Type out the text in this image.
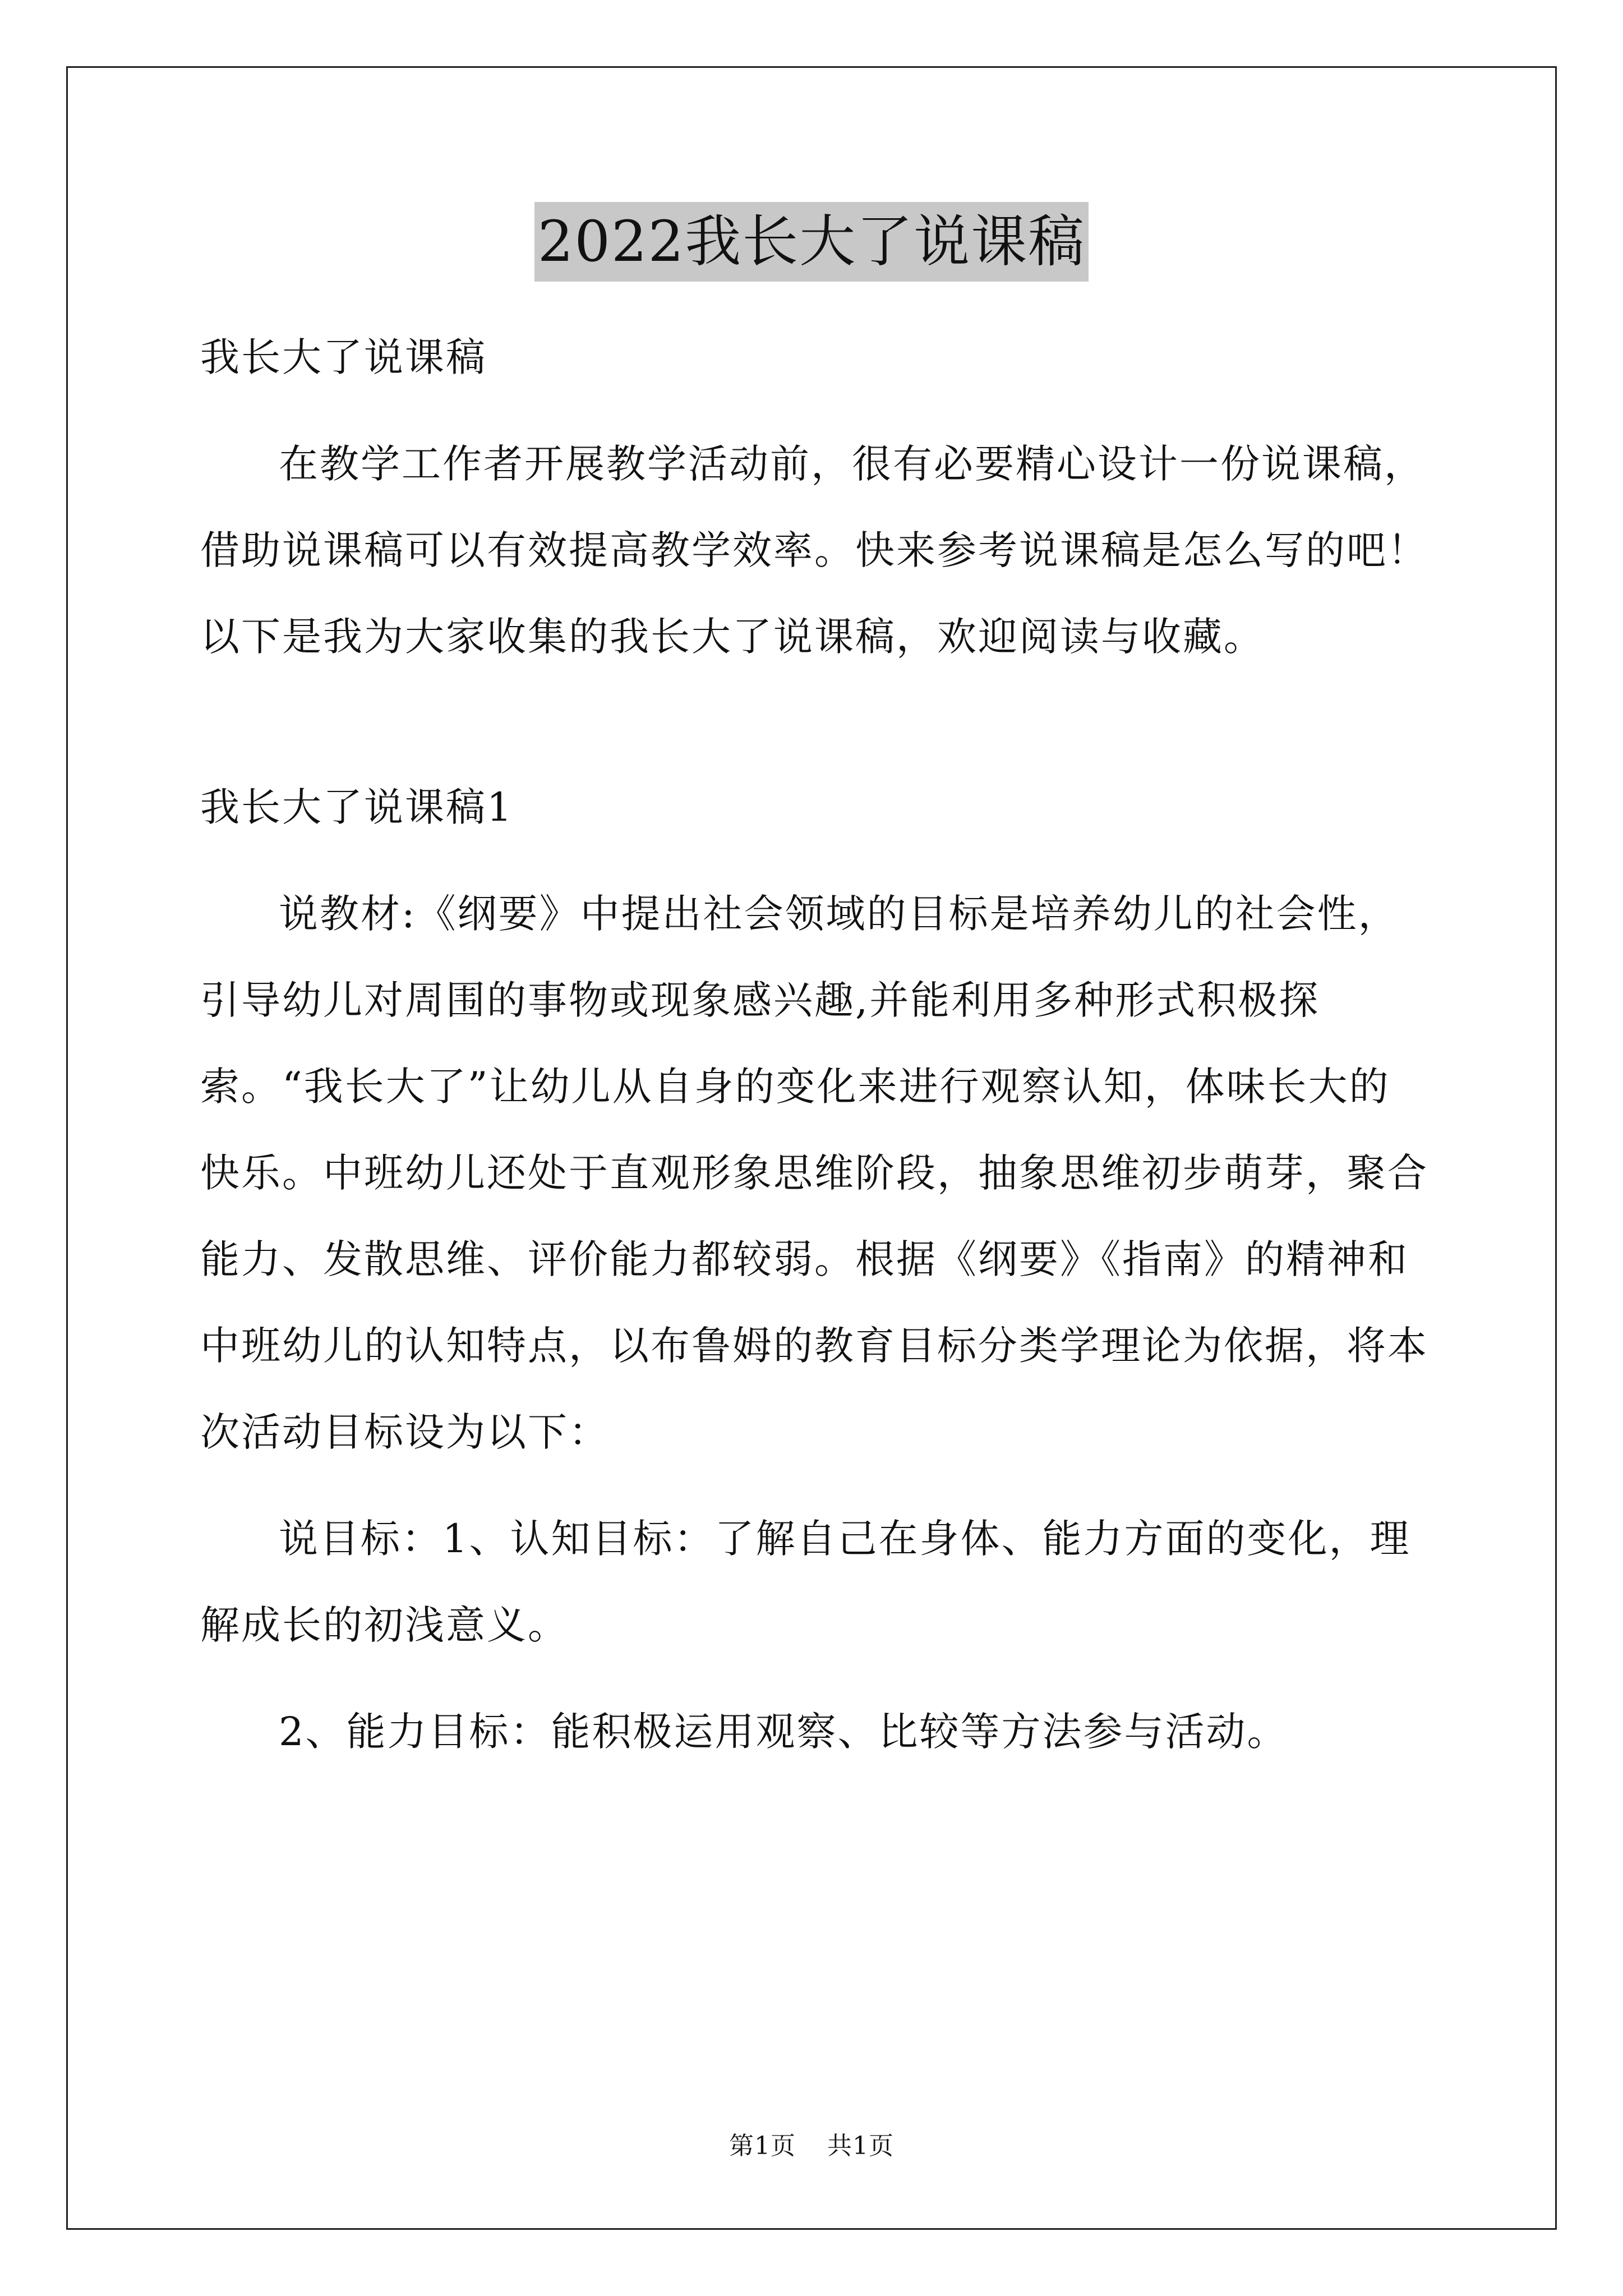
2022我长大了说课稿

我长大了说课稿

在教学工作者开展教学活动前，很有必要精心设计一份说课稿，借助说课稿可以有效提高教学效率。快来参考说课稿是怎么写的吧！以下是我为大家收集的我长大了说课稿，欢迎阅读与收藏。

我长大了说课稿1

说教材:《纲要》中提出社会领域的目标是培养幼儿的社会性，引导幼儿对周围的事物或现象感兴趣,并能利用多种形式积极探索。“我长大了”让幼儿从自身的变化来进行观察认知，体味长大的快乐。中班幼儿还处于直观形象思维阶段，抽象思维初步萌芽，聚合能力、发散思维、评价能力都较弱。根据《纲要》《指南》的精神和中班幼儿的认知特点，以布鲁姆的教育目标分类学理论为依据，将本次活动目标设为以下：

说目标：1、认知目标：了解自己在身体、能力方面的变化，理解成长的初浅意义。

2、能力目标：能积极运用观察、比较等方法参与活动。

第1页 共1页
